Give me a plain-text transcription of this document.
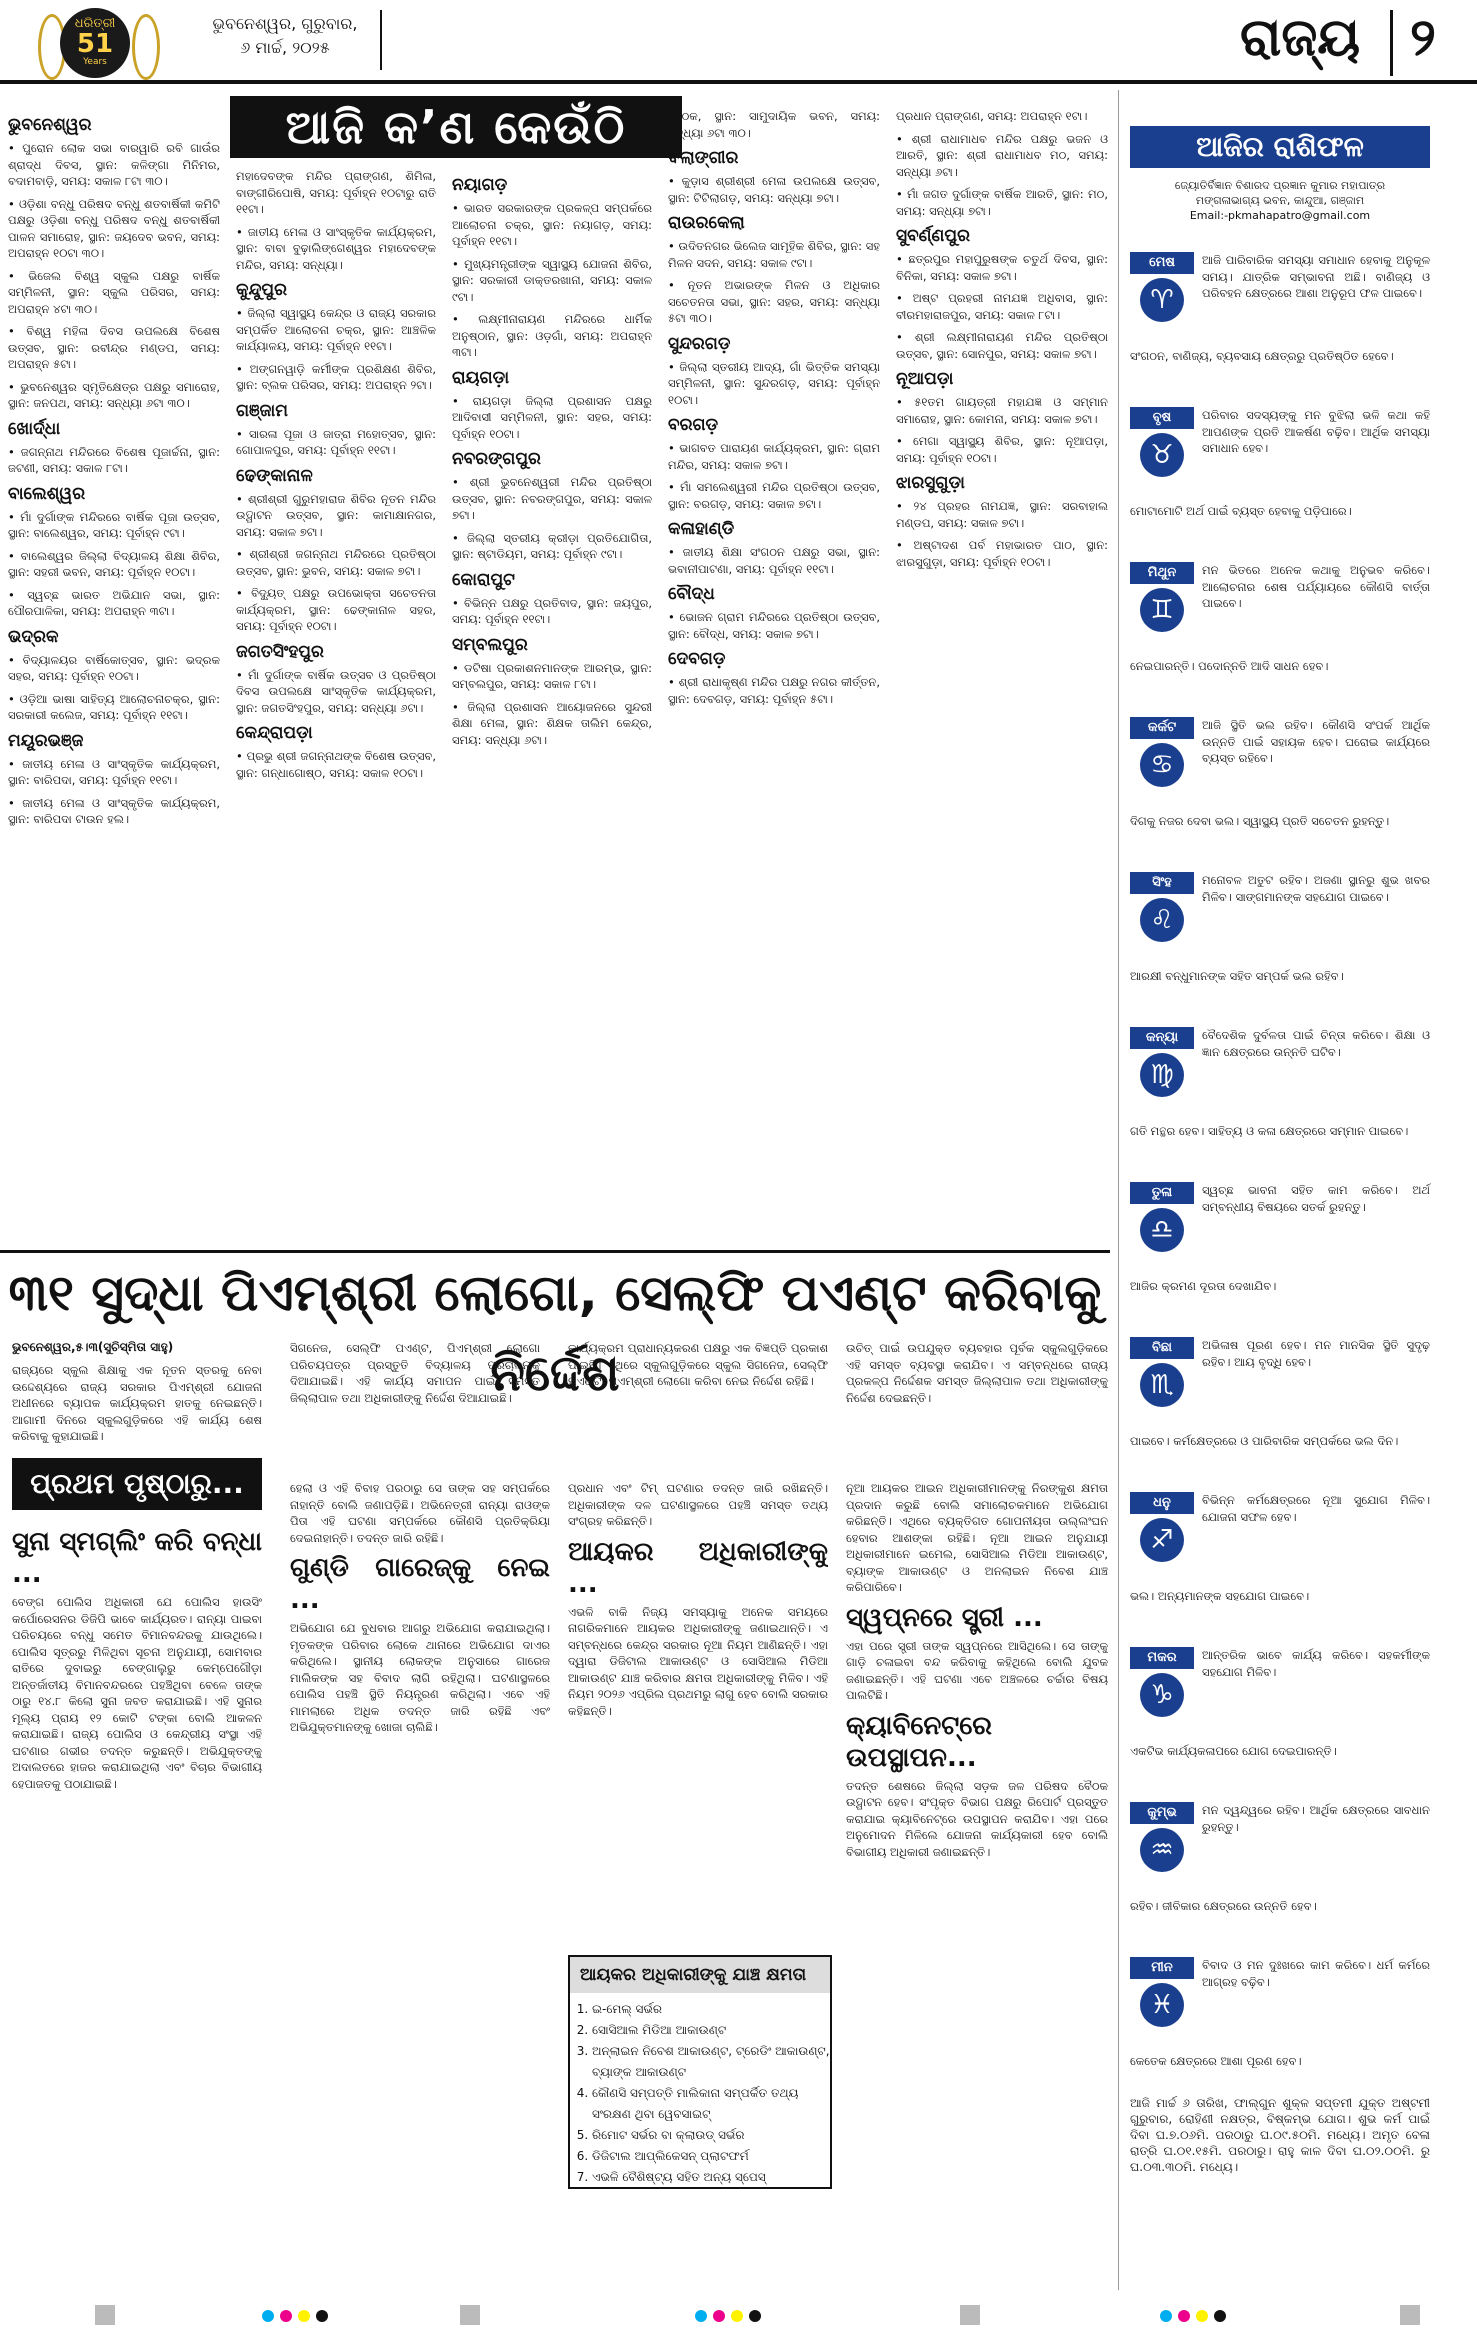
ଧରିତ୍ରୀ
51
Years
ଭୁବନେଶ୍ୱର, ଗୁରୁବାର,
୬ ମାର୍ଚ୍ଚ, ୨୦୨୫	ରାଜ୍ୟ ୨
ଆଜି କ’ଣ କେଉଁଠି
ଭୁବନେଶ୍ୱର

• ପୁରୋନ ଲୋକ ସଭା ବାରୱାରି ରବି ଗାଉଁର ଶ୍ରାଦ୍ଧ ଦିବସ, ସ୍ଥାନ: କଳିଙ୍ଗା ମିନିମର, ବଦାମବାଡ଼ି, ସମୟ: ସକାଳ ୮ଟା ୩୦।

• ଓଡ଼ିଶା ବନ୍ଧୁ ପରିଷଦ ବନ୍ଧୁ ଶତବାର୍ଷିକୀ କମିଟି ପକ୍ଷରୁ ଓଡ଼ିଶା ବନ୍ଧୁ ପରିଷଦ ବନ୍ଧୁ ଶତବାର୍ଷିକୀ ପାଳନ ସମାରୋହ, ସ୍ଥାନ: ଜୟଦେବ ଭବନ, ସମୟ: ଅପରାହ୍ନ ୧୦ଟା ୩୦।

• ଭିଜେଲ ବିଶ୍ୱ ସ୍କୁଲ ପକ୍ଷରୁ ବାର୍ଷିକ ସମ୍ମିଳନୀ, ସ୍ଥାନ: ସ୍କୁଲ ପରିସର, ସମୟ: ଅପରାହ୍ନ ୪ଟା ୩୦।

• ବିଶ୍ୱ ମହିଳା ଦିବସ ଉପଲକ୍ଷେ ବିଶେଷ ଉତ୍ସବ, ସ୍ଥାନ: ରବୀନ୍ଦ୍ର ମଣ୍ଡପ, ସମୟ: ଅପରାହ୍ନ ୫ଟା।

• ଭୁବନେଶ୍ୱର ସ୍ମୃତିକ୍ଷେତ୍ର ପକ୍ଷରୁ ସମାରୋହ, ସ୍ଥାନ: ଜନପଥ, ସମୟ: ସନ୍ଧ୍ୟା ୬ଟା ୩୦।

ଖୋର୍ଦ୍ଧା

• ଜଗନ୍ନାଥ ମନ୍ଦିରରେ ବିଶେଷ ପୂଜାର୍ଚ୍ଚନା, ସ୍ଥାନ: ଜଟଣୀ, ସମୟ: ସକାଳ ୮ଟା।

ବାଲେଶ୍ୱର

• ମାଁ ଦୁର୍ଗାଙ୍କ ମନ୍ଦିରରେ ବାର୍ଷିକ ପୂଜା ଉତ୍ସବ, ସ୍ଥାନ: ବାଲେଶ୍ୱର, ସମୟ: ପୂର୍ବାହ୍ନ ୯ଟା।

• ବାଲେଶ୍ୱର ଜିଲ୍ଲା ବିଦ୍ୟାଳୟ ଶିକ୍ଷା ଶିବିର, ସ୍ଥାନ: ସହରୀ ଭବନ, ସମୟ: ପୂର୍ବାହ୍ନ ୧୦ଟା।

• ସ୍ୱଚ୍ଛ ଭାରତ ଅଭିଯାନ ସଭା, ସ୍ଥାନ: ପୌରପାଳିକା, ସମୟ: ଅପରାହ୍ନ ୩ଟା।

ଭଦ୍ରକ

• ବିଦ୍ୟାଳୟର ବାର୍ଷିକୋତ୍ସବ, ସ୍ଥାନ: ଭଦ୍ରକ ସହର, ସମୟ: ପୂର୍ବାହ୍ନ ୧୦ଟା।

• ଓଡ଼ିଆ ଭାଷା ସାହିତ୍ୟ ଆଲୋଚନାଚକ୍ର, ସ୍ଥାନ: ସରକାରୀ କଲେଜ, ସମୟ: ପୂର୍ବାହ୍ନ ୧୧ଟା।

ମୟୂରଭଞ୍ଜ

• ଜାତୀୟ ମେଳା ଓ ସାଂସ୍କୃତିକ କାର୍ଯ୍ୟକ୍ରମ, ସ୍ଥାନ: ବାରିପଦା, ସମୟ: ପୂର୍ବାହ୍ନ ୧୧ଟା।

• ଜାତୀୟ ମେଳା ଓ ସାଂସ୍କୃତିକ କାର୍ଯ୍ୟକ୍ରମ, ସ୍ଥାନ: ବାରିପଦା ଟାଉନ ହଲ।

ମହାଦେବଙ୍କ ମନ୍ଦିର ପ୍ରାଙ୍ଗଣ, ଶିମିଳା, ବାଙ୍ଗୀରିପୋଷି, ସମୟ: ପୂର୍ବାହ୍ନ ୧୦ଟାରୁ ରାତି ୧୧ଟା।

• ଜାତୀୟ ମେଳା ଓ ସାଂସ୍କୃତିକ କାର୍ଯ୍ୟକ୍ରମ, ସ୍ଥାନ: ବାବା ବୁଢ଼ାଲିଙ୍ଗେଶ୍ୱର ମହାଦେବଙ୍କ ମନ୍ଦିର, ସମୟ: ସନ୍ଧ୍ୟା।

କୁନ୍ଦୁପୁର

• ଜିଲ୍ଲା ସ୍ୱାସ୍ଥ୍ୟ କେନ୍ଦ୍ର ଓ ରାଜ୍ୟ ସରକାର ସମ୍ପର୍କିତ ଆଲୋଚନା ଚକ୍ର, ସ୍ଥାନ: ଆଞ୍ଚଳିକ କାର୍ଯ୍ୟାଳୟ, ସମୟ: ପୂର୍ବାହ୍ନ ୧୧ଟା।

• ଅଙ୍ଗନୱାଡ଼ି କର୍ମୀଙ୍କ ପ୍ରଶିକ୍ଷଣ ଶିବିର, ସ୍ଥାନ: ବ୍ଲକ ପରିସର, ସମୟ: ଅପରାହ୍ନ ୨ଟା।

ଗଞ୍ଜାମ

• ସାରଳା ପୂଜା ଓ ଜାତ୍ରା ମହୋତ୍ସବ, ସ୍ଥାନ: ଗୋପାଳପୁର, ସମୟ: ପୂର୍ବାହ୍ନ ୧୧ଟା।

ଢେଙ୍କାନାଳ

• ଶ୍ରୀଶ୍ରୀ ଗୁରୁମହାରାଜ ଶିବିର ନୂତନ ମନ୍ଦିର ଉଦ୍ଘାଟନ ଉତ୍ସବ, ସ୍ଥାନ: କାମାକ୍ଷାନଗର, ସମୟ: ସକାଳ ୭ଟା।

• ଶ୍ରୀଶ୍ରୀ ଜଗନ୍ନାଥ ମନ୍ଦିରରେ ପ୍ରତିଷ୍ଠା ଉତ୍ସବ, ସ୍ଥାନ: ଭୁବନ, ସମୟ: ସକାଳ ୭ଟା।

• ବିଦ୍ୟୁତ୍ ପକ୍ଷରୁ ଉପଭୋକ୍ତା ସଚେତନତା କାର୍ଯ୍ୟକ୍ରମ, ସ୍ଥାନ: ଢେଙ୍କାନାଳ ସହର, ସମୟ: ପୂର୍ବାହ୍ନ ୧୦ଟା।

ଜଗତସିଂହପୁର

• ମାଁ ଦୁର୍ଗାଙ୍କ ବାର୍ଷିକ ଉତ୍ସବ ଓ ପ୍ରତିଷ୍ଠା ଦିବସ ଉପଲକ୍ଷେ ସାଂସ୍କୃତିକ କାର୍ଯ୍ୟକ୍ରମ, ସ୍ଥାନ: ଜଗତସିଂହପୁର, ସମୟ: ସନ୍ଧ୍ୟା ୬ଟା।

କେନ୍ଦ୍ରାପଡ଼ା

• ପ୍ରଭୁ ଶ୍ରୀ ଜଗନ୍ନାଥଙ୍କ ବିଶେଷ ଉତ୍ସବ, ସ୍ଥାନ: ଗନ୍ଧାଗୋଷ୍ଠ, ସମୟ: ସକାଳ ୧୦ଟା।

ନୟାଗଡ଼

• ଭାରତ ସରକାରଙ୍କ ପ୍ରକଳ୍ପ ସମ୍ପର୍କରେ ଆଲୋଚନା ଚକ୍ର, ସ୍ଥାନ: ନୟାଗଡ଼, ସମୟ: ପୂର୍ବାହ୍ନ ୧୧ଟା।

• ମୁଖ୍ୟମନ୍ତ୍ରୀଙ୍କ ସ୍ୱାସ୍ଥ୍ୟ ଯୋଜନା ଶିବିର, ସ୍ଥାନ: ସରକାରୀ ଡାକ୍ତରଖାନା, ସମୟ: ସକାଳ ୯ଟା।

• ଲକ୍ଷ୍ମୀନାରାୟଣ ମନ୍ଦିରରେ ଧାର୍ମିକ ଅନୁଷ୍ଠାନ, ସ୍ଥାନ: ଓଡ଼ଗାଁ, ସମୟ: ଅପରାହ୍ନ ୩ଟା।

ରାୟଗଡ଼ା

• ରାୟଗଡ଼ା ଜିଲ୍ଲା ପ୍ରଶାସନ ପକ୍ଷରୁ ଆଦିବାସୀ ସମ୍ମିଳନୀ, ସ୍ଥାନ: ସହର, ସମୟ: ପୂର୍ବାହ୍ନ ୧୦ଟା।

ନବରଙ୍ଗପୁର

• ଶ୍ରୀ ଭୁବନେଶ୍ୱରୀ ମନ୍ଦିର ପ୍ରତିଷ୍ଠା ଉତ୍ସବ, ସ୍ଥାନ: ନବରଙ୍ଗପୁର, ସମୟ: ସକାଳ ୭ଟା।

• ଜିଲ୍ଲା ସ୍ତରୀୟ କ୍ରୀଡ଼ା ପ୍ରତିଯୋଗିତା, ସ୍ଥାନ: ଷ୍ଟାଡିୟମ, ସମୟ: ପୂର୍ବାହ୍ନ ୯ଟା।

କୋରାପୁଟ

• ବିଭିନ୍ନ ପକ୍ଷରୁ ପ୍ରତିବାଦ, ସ୍ଥାନ: ଜୟପୁର, ସମୟ: ପୂର୍ବାହ୍ନ ୧୧ଟା।

ସମ୍ବଲପୁର

• ଡଟିଷା ପ୍ରକାଶନମାନଙ୍କ ଆରମ୍ଭ, ସ୍ଥାନ: ସମ୍ବଲପୁର, ସମୟ: ସକାଳ ୮ଟା।

• ଜିଲ୍ଲା ପ୍ରଶାସନ ଆୟୋଜନରେ ସୁନ୍ଦରୀ ଶିକ୍ଷା ମେଳା, ସ୍ଥାନ: ଶିକ୍ଷକ ତାଲିମ କେନ୍ଦ୍ର, ସମୟ: ସନ୍ଧ୍ୟା ୬ଟା।

ବୈଠକ, ସ୍ଥାନ: ସାମୁଦାୟିକ ଭବନ, ସମୟ: ସନ୍ଧ୍ୟା ୬ଟା ୩୦।

ବଲାଙ୍ଗୀର

• କୁଡ଼ାସ ଶ୍ରୀଶ୍ରୀ ମେଳା ଉପଲକ୍ଷେ ଉତ୍ସବ, ସ୍ଥାନ: ଟିଟିଲାଗଡ଼, ସମୟ: ସନ୍ଧ୍ୟା ୭ଟା।

ରାଉରକେଲା

• ଉଦିତନଗର ଭିଲେଜ ସାମୂହିକ ଶିବିର, ସ୍ଥାନ: ସହ ମିଳନ ସଦନ, ସମୟ: ସକାଳ ୯ଟା।

• ନୂତନ ଅଭାରଙ୍କ ମିଳନ ଓ ଅଧିକାର ସଚେତନତା ସଭା, ସ୍ଥାନ: ସହର, ସମୟ: ସନ୍ଧ୍ୟା ୫ଟା ୩୦।

ସୁନ୍ଦରଗଡ଼

• ଜିଲ୍ଲା ସ୍ତରୀୟ ଆଦ୍ୟ, ଗାଁ ଭିତ୍ତିକ ସମସ୍ୟା ସମ୍ମିଳନୀ, ସ୍ଥାନ: ସୁନ୍ଦରଗଡ଼, ସମୟ: ପୂର୍ବାହ୍ନ ୧୦ଟା।

ବରଗଡ଼

• ଭାଗବତ ପାରାୟଣ କାର୍ଯ୍ୟକ୍ରମ, ସ୍ଥାନ: ଗ୍ରାମ ମନ୍ଦିର, ସମୟ: ସକାଳ ୭ଟା।

• ମାଁ ସମଲେଶ୍ୱରୀ ମନ୍ଦିର ପ୍ରତିଷ୍ଠା ଉତ୍ସବ, ସ୍ଥାନ: ବରଗଡ଼, ସମୟ: ସକାଳ ୭ଟା।

କଳାହାଣ୍ଡି

• ଜାତୀୟ ଶିକ୍ଷା ସଂଗଠନ ପକ୍ଷରୁ ସଭା, ସ୍ଥାନ: ଭବାନୀପାଟଣା, ସମୟ: ପୂର୍ବାହ୍ନ ୧୧ଟା।

ବୌଦ୍ଧ

• ଭୋଜନ ଗ୍ରାମ ମନ୍ଦିରରେ ପ୍ରତିଷ୍ଠା ଉତ୍ସବ, ସ୍ଥାନ: ବୌଦ୍ଧ, ସମୟ: ସକାଳ ୭ଟା।

ଦେବଗଡ଼

• ଶ୍ରୀ ରାଧାକୃଷ୍ଣ ମନ୍ଦିର ପକ୍ଷରୁ ନଗର କୀର୍ତ୍ତନ, ସ୍ଥାନ: ଦେବଗଡ଼, ସମୟ: ପୂର୍ବାହ୍ନ ୫ଟା।

ପ୍ରଧାନ ପ୍ରାଙ୍ଗଣ, ସମୟ: ଅପରାହ୍ନ ୧ଟା।

• ଶ୍ରୀ ରାଧାମାଧବ ମନ୍ଦିର ପକ୍ଷରୁ ଭଜନ ଓ ଆରତି, ସ୍ଥାନ: ଶ୍ରୀ ରାଧାମାଧବ ମଠ, ସମୟ: ସନ୍ଧ୍ୟା ୬ଟା।

• ମାଁ ଜଗତ ଦୁର୍ଗାଙ୍କ ବାର୍ଷିକ ଆରତି, ସ୍ଥାନ: ମଠ, ସମୟ: ସନ୍ଧ୍ୟା ୭ଟା।

ସୁବର୍ଣ୍ଣପୁର

• ଛତ୍ରପୁର ମହାପୁରୁଷଙ୍କ ଚତୁର୍ଥ ଦିବସ, ସ୍ଥାନ: ବିନିକା, ସମୟ: ସକାଳ ୭ଟା।

• ଅଷ୍ଟ ପ୍ରହରୀ ନାମଯଜ୍ଞ ଅଧିବାସ, ସ୍ଥାନ: ବୀରମହାରାଜପୁର, ସମୟ: ସକାଳ ୮ଟା।

• ଶ୍ରୀ ଲକ୍ଷ୍ମୀନାରାୟଣ ମନ୍ଦିର ପ୍ରତିଷ୍ଠା ଉତ୍ସବ, ସ୍ଥାନ: ସୋନପୁର, ସମୟ: ସକାଳ ୭ଟା।

ନୂଆପଡ଼ା

• ୫୧ତମ ଗାୟତ୍ରୀ ମହାଯଜ୍ଞ ଓ ସମ୍ମାନ ସମାରୋହ, ସ୍ଥାନ: କୋମନା, ସମୟ: ସକାଳ ୭ଟା।

• ମେଗା ସ୍ୱାସ୍ଥ୍ୟ ଶିବିର, ସ୍ଥାନ: ନୂଆପଡ଼ା, ସମୟ: ପୂର୍ବାହ୍ନ ୧୦ଟା।

ଝାରସୁଗୁଡ଼ା

• ୨୪ ପ୍ରହର ନାମଯଜ୍ଞ, ସ୍ଥାନ: ସରବାହାଲ ମଣ୍ଡପ, ସମୟ: ସକାଳ ୭ଟା।

• ଅଷ୍ଟାଦଶ ପର୍ବ ମହାଭାରତ ପାଠ, ସ୍ଥାନ: ଝାରସୁଗୁଡ଼ା, ସମୟ: ପୂର୍ବାହ୍ନ ୧୦ଟା।

ଆଜିର ରାଶିଫଳ
ଜ୍ୟୋତିର୍ବିଜ୍ଞାନ ବିଶାରଦ ପ୍ରଜ୍ଞାନ କୁମାର ମହାପାତ୍ର
ମଙ୍ଗଳାଭାଗ୍ୟ ଭବନ, କାନ୍ଦୁଆ, ଗଞ୍ଜାମ
Email:-pkmahapatro@gmail.com
ମେଷ
♈
ଆଜି ପାରିବାରିକ ସମସ୍ୟା ସମାଧାନ ହେବାକୁ ଅନୁକୂଳ ସମୟ। ଯାତ୍ରିକ ସମ୍ଭାବନା ଅଛି। ବାଣିଜ୍ୟ ଓ ପରିବହନ କ୍ଷେତ୍ରରେ ଆଶା ଅନୁରୂପ ଫଳ ପାଇବେ।
ସଂଗଠନ, ବାଣିଜ୍ୟ, ବ୍ୟବସାୟ କ୍ଷେତ୍ରରୁ ପ୍ରତିଷ୍ଠିତ ହେବେ।
ବୃଷ
♉
ପରିବାର ସଦସ୍ୟଙ୍କୁ ମନ ବୁଝିଲା ଭଳି କଥା କହି ଆପଣଙ୍କ ପ୍ରତି ଆକର୍ଷଣ ବଢ଼ିବ। ଆର୍ଥିକ ସମସ୍ୟା ସମାଧାନ ହେବ।
ମୋଟାମୋଟି ଅର୍ଥ ପାଇଁ ବ୍ୟସ୍ତ ହେବାକୁ ପଡ଼ିପାରେ।
ମିଥୁନ
♊
ମନ ଭିତରେ ଅନେକ କଥାକୁ ଅନୁଭବ କରିବେ। ଆଲୋଚନାର ଶେଷ ପର୍ଯ୍ୟାୟରେ କୌଣସି ବାର୍ତ୍ତା ପାଇବେ।
ନେଇପାରନ୍ତି। ପଦୋନ୍ନତି ଆଦି ସାଧନ ହେବ।
କର୍କଟ
♋
ଆଜି ସ୍ଥିତି ଭଲ ରହିବ। କୌଣସି ସଂପର୍କ ଆର୍ଥିକ ଉନ୍ନତି ପାଇଁ ସହାୟକ ହେବ। ଘରୋଇ କାର୍ଯ୍ୟରେ ବ୍ୟସ୍ତ ରହିବେ।
ଦିଗକୁ ନଜର ଦେବା ଭଲ। ସ୍ୱାସ୍ଥ୍ୟ ପ୍ରତି ସଚେତନ ରୁହନ୍ତୁ।
ସିଂହ
♌
ମନୋବଳ ଅତୁଟ ରହିବ। ଅଜଣା ସ୍ଥାନରୁ ଶୁଭ ଖବର ମିଳିବ। ସାଙ୍ଗମାନଙ୍କ ସହଯୋଗ ପାଇବେ।
ଆରକ୍ଷୀ ବନ୍ଧୁମାନଙ୍କ ସହିତ ସମ୍ପର୍କ ଭଲ ରହିବ।
କନ୍ୟା
♍
ବୈଦେଶିକ ଦୁର୍ବଳତା ପାଇଁ ଚିନ୍ତା କରିବେ। ଶିକ୍ଷା ଓ ଜ୍ଞାନ କ୍ଷେତ୍ରରେ ଉନ୍ନତି ଘଟିବ।
ଗତି ମନ୍ଥର ହେବ। ସାହିତ୍ୟ ଓ କଳା କ୍ଷେତ୍ରରେ ସମ୍ମାନ ପାଇବେ।
ତୁଳା
♎
ସ୍ୱଚ୍ଛ ଭାବନା ସହିତ କାମ କରିବେ। ଅର୍ଥ ସମ୍ବନ୍ଧୀୟ ବିଷୟରେ ସତର୍କ ରୁହନ୍ତୁ।
ଆଜିର କ୍ରମଣ ଦୂରତା ଦେଖାଯିବ।
ବିଛା
♏
ଅଭିଳାଷ ପୂରଣ ହେବ। ମନ ମାନସିକ ସ୍ଥିତି ସୁଦୃଢ଼ ରହିବ। ଆୟ ବୃଦ୍ଧି ହେବ।
ପାଇବେ। କର୍ମକ୍ଷେତ୍ରରେ ଓ ପାରିବାରିକ ସମ୍ପର୍କରେ ଭଲ ଦିନ।
ଧନୁ
♐
ବିଭିନ୍ନ କର୍ମକ୍ଷେତ୍ରରେ ନୂଆ ସୁଯୋଗ ମିଳିବ। ଯୋଜନା ସଫଳ ହେବ।
ଭଲ। ଅନ୍ୟମାନଙ୍କ ସହଯୋଗ ପାଇବେ।
ମକର
♑
ଆନ୍ତରିକ ଭାବେ କାର୍ଯ୍ୟ କରିବେ। ସହକର୍ମୀଙ୍କ ସହଯୋଗ ମିଳିବ।
ଏକଟିଭ କାର୍ଯ୍ୟକଳାପରେ ଯୋଗ ଦେଇପାରନ୍ତି।
କୁମ୍ଭ
♒
ମନ ଦ୍ୱନ୍ଦ୍ୱରେ ରହିବ। ଆର୍ଥିକ କ୍ଷେତ୍ରରେ ସାବଧାନ ରୁହନ୍ତୁ।
ରହିବ। ଜୀବିକାର କ୍ଷେତ୍ରରେ ଉନ୍ନତି ହେବ।
ମୀନ
♓
ବିବାଦ ଓ ମନ ଦୁଃଖରେ କାମ କରିବେ। ଧର୍ମ କର୍ମରେ ଆଗ୍ରହ ବଢ଼ିବ।
କେତେକ କ୍ଷେତ୍ରରେ ଆଶା ପୂରଣ ହେବ।
୩୧ ସୁଦ୍ଧା ପିଏମ୍‌ଶ୍ରୀ ଲୋଗୋ, ସେଲ୍‌ଫି ପଏଣ୍ଟ କରିବାକୁ ନିର୍ଦ୍ଦେଶ
ଭୁବନେଶ୍ୱର,୫।୩(ସୁଚିସ୍ମିତା ସାହୁ)

ରାଜ୍ୟରେ ସ୍କୁଲ ଶିକ୍ଷାକୁ ଏକ ନୂତନ ସ୍ତରକୁ ନେବା ଉଦ୍ଦେଶ୍ୟରେ ରାଜ୍ୟ ସରକାର ପିଏମ୍‌ଶ୍ରୀ ଯୋଜନା ଅଧୀନରେ ବ୍ୟାପକ କାର୍ଯ୍ୟକ୍ରମ ହାତକୁ ନେଇଛନ୍ତି। ଆଗାମୀ ଦିନରେ ସ୍କୁଲଗୁଡ଼ିକରେ ଏହି କାର୍ଯ୍ୟ ଶେଷ କରିବାକୁ କୁହାଯାଇଛି।

ସିଗନେଜ, ସେଲ୍‌ଫି ପଏଣ୍ଟ, ପିଏମ୍‌ଶ୍ରୀ ଲୋଗୋ ପରିଚୟପତ୍ର ପ୍ରସ୍ତୁତି ବିଦ୍ୟାଳୟ ପରିଚାଳନାକୁ ଦିଆଯାଇଛି। ଏହି କାର୍ଯ୍ୟ ସମାପନ ପାଇଁ ସମସ୍ତ ଜିଲ୍ଲାପାଳ ତଥା ଅଧିକାରୀଙ୍କୁ ନିର୍ଦ୍ଦେଶ ଦିଆଯାଇଛି।

କାର୍ଯ୍ୟକ୍ରମ ପ୍ରାଧାନ୍ୟକରଣ ପକ୍ଷରୁ ଏକ ବିଜ୍ଞପ୍ତି ପ୍ରକାଶ ପାଇଛି। ଏଥିରେ ସ୍କୁଲଗୁଡ଼ିକରେ ସ୍କୁଲ ସିଗନେଜ, ସେଲ୍‌ଫି ପଏଣ୍ଟ, ପିଏମ୍‌ଶ୍ରୀ ଲୋଗୋ କରିବା ନେଇ ନିର୍ଦ୍ଦେଶ ରହିଛି।

ଉଚିତ୍ ପାଇଁ ଉପଯୁକ୍ତ ବ୍ୟବହାର ପୂର୍ବକ ସ୍କୁଲଗୁଡ଼ିକରେ ଏହି ସମସ୍ତ ବ୍ୟବସ୍ଥା କରାଯିବ। ଏ ସମ୍ବନ୍ଧରେ ରାଜ୍ୟ ପ୍ରକଳ୍ପ ନିର୍ଦ୍ଦେଶକ ସମସ୍ତ ଜିଲ୍ଲାପାଳ ତଥା ଅଧିକାରୀଙ୍କୁ ନିର୍ଦ୍ଦେଶ ଦେଇଛନ୍ତି।

ପ୍ରଥମ ପୃଷ୍ଠାରୁ...
ସୁନା ସ୍ମଗ୍‌ଲିଂ କରି ବନ୍ଧା ...

ବେଙ୍ଗ ପୋଲିସ ଅଧିକାରୀ ଯେ ପୋଲିସ ହାଉସିଂ କର୍ପୋରେସନର ଡିଜିପି ଭାବେ କାର୍ଯ୍ୟରତ। ରାନ୍ୟା ପାଇବା ପରିଚୟରେ ବନ୍ଧୁ ସମେତ ବିମାନବନ୍ଦରକୁ ଯାଉଥିଲେ। ପୋଲିସ ସୂତ୍ରରୁ ମିଳିଥିବା ସୂଚନା ଅନୁଯାୟୀ, ସୋମବାର ରାତିରେ ଦୁବାଇରୁ ବେଙ୍ଗାଲୁରୁ କେମ୍ପେଗୌଡ଼ା ଅନ୍ତର୍ଜାତୀୟ ବିମାନବନ୍ଦରରେ ପହଞ୍ଚିଥିବା ବେଳେ ତାଙ୍କ ଠାରୁ ୧୪.୮ କିଲୋ ସୁନା ଜବତ କରାଯାଇଛି। ଏହି ସୁନାର ମୂଲ୍ୟ ପ୍ରାୟ ୧୨ କୋଟି ଟଙ୍କା ବୋଲି ଆକଳନ କରାଯାଇଛି। ରାଜ୍ୟ ପୋଲିସ ଓ କେନ୍ଦ୍ରୀୟ ସଂସ୍ଥା ଏହି ଘଟଣାର ଗଭୀର ତଦନ୍ତ କରୁଛନ୍ତି। ଅଭିଯୁକ୍ତଙ୍କୁ ଅଦାଲତରେ ହାଜର କରାଯାଇଥିଲା ଏବଂ ବିଚାର ବିଭାଗୀୟ ହେପାଜତକୁ ପଠାଯାଇଛି।

ହେଲା ଓ ଏହି ବିବାହ ପରଠାରୁ ସେ ତାଙ୍କ ସହ ସମ୍ପର୍କରେ ନାହାନ୍ତି ବୋଲି ଜଣାପଡ଼ିଛି। ଅଭିନେତ୍ରୀ ରାନ୍ୟା ରାଓଙ୍କ ପିତା ଏହି ଘଟଣା ସମ୍ପର୍କରେ କୌଣସି ପ୍ରତିକ୍ରିୟା ଦେଇନାହାନ୍ତି। ତଦନ୍ତ ଜାରି ରହିଛି।

ଗୁଣ୍ଡି ଗାରେଜ୍‌କୁ ନେଇ ...

ଅଭିଯୋଗ ଯେ ବୁଧବାର ଆଗରୁ ଅଭିଯୋଗ କରାଯାଇଥିଲା। ମୃତକଙ୍କ ପରିବାର ଲୋକେ ଥାନାରେ ଅଭିଯୋଗ ଦାଏର କରିଥିଲେ। ସ୍ଥାନୀୟ ଲୋକଙ୍କ ଅନୁସାରେ ଗାରେଜ ମାଲିକଙ୍କ ସହ ବିବାଦ ଲାଗି ରହିଥିଲା। ଘଟଣାସ୍ଥଳରେ ପୋଲିସ ପହଞ୍ଚି ସ୍ଥିତି ନିୟନ୍ତ୍ରଣ କରିଥିଲା। ଏବେ ଏହି ମାମଲାରେ ଅଧିକ ତଦନ୍ତ ଜାରି ରହିଛି ଏବଂ ଅଭିଯୁକ୍ତମାନଙ୍କୁ ଖୋଜା ଚାଲିଛି।

ପ୍ରଧାନ ଏବଂ ଟିମ୍ ଘଟଣାର ତଦନ୍ତ ଜାରି ରଖିଛନ୍ତି। ଅଧିକାରୀଙ୍କ ଦଳ ଘଟଣାସ୍ଥଳରେ ପହଞ୍ଚି ସମସ୍ତ ତଥ୍ୟ ସଂଗ୍ରହ କରିଛନ୍ତି।

ଆୟକର ଅଧିକାରୀଙ୍କୁ ...

ଏଭଳି ବାକି ନିଜ୍ୟ ସମସ୍ୟାକୁ ଅନେକ ସମୟରେ ନାଗରିକମାନେ ଆୟକର ଅଧିକାରୀଙ୍କୁ ଜଣାଇଥାନ୍ତି। ଏ ସମ୍ବନ୍ଧରେ କେନ୍ଦ୍ର ସରକାର ନୂଆ ନିୟମ ଆଣିଛନ୍ତି। ଏହା ଦ୍ୱାରା ଡିଜିଟାଲ ଆକାଉଣ୍ଟ ଓ ସୋସିଆଲ ମିଡିଆ ଆକାଉଣ୍ଟ ଯାଞ୍ଚ କରିବାର କ୍ଷମତା ଅଧିକାରୀଙ୍କୁ ମିଳିବ। ଏହି ନିୟମ ୨୦୨୬ ଏପ୍ରିଲ ପ୍ରଥମରୁ ଲାଗୁ ହେବ ବୋଲି ସରକାର କହିଛନ୍ତି।

ଆୟକର ଅଧିକାରୀଙ୍କୁ ଯାଞ୍ଚ କ୍ଷମତା
1. ଇ-ମେଲ୍ ସର୍ଭର
2. ସୋସିଆଲ ମିଡିଆ ଆକାଉଣ୍ଟ
3. ଅନ୍‌ଲାଇନ ନିବେଶ ଆକାଉଣ୍ଟ, ଟ୍ରେଡିଂ ଆକାଉଣ୍ଟ, ବ୍ୟାଙ୍କ ଆକାଉଣ୍ଟ
4. କୌଣସି ସମ୍ପତ୍ତି ମାଲିକାନା ସମ୍ପର୍କିତ ତଥ୍ୟ ସଂରକ୍ଷଣ ଥିବା ୱେବସାଇଟ୍
5. ରିମୋଟ ସର୍ଭର ବା କ୍ଲାଉଡ୍ ସର୍ଭର
6. ଡିଜିଟାଲ ଆପ୍ଲିକେସନ୍ ପ୍ଲାଟଫର୍ମ
7. ଏଭଳି ବୈଶିଷ୍ଟ୍ୟ ସହିତ ଅନ୍ୟ ସ୍ପେସ୍

ନୂଆ ଆୟକର ଆଇନ ଅଧିକାରୀମାନଙ୍କୁ ନିରଙ୍କୁଶ କ୍ଷମତା ପ୍ରଦାନ କରୁଛି ବୋଲି ସମାଲୋଚକମାନେ ଅଭିଯୋଗ କରିଛନ୍ତି। ଏଥିରେ ବ୍ୟକ୍ତିଗତ ଗୋପନୀୟତା ଉଲ୍ଲଂଘନ ହେବାର ଆଶଙ୍କା ରହିଛି। ନୂଆ ଆଇନ ଅନୁଯାୟୀ ଅଧିକାରୀମାନେ ଇମେଲ, ସୋସିଆଲ ମିଡିଆ ଆକାଉଣ୍ଟ, ବ୍ୟାଙ୍କ ଆକାଉଣ୍ଟ ଓ ଅନଲାଇନ ନିବେଶ ଯାଞ୍ଚ କରିପାରିବେ।

ସ୍ୱପ୍ନରେ ସ୍ତ୍ରୀ ...

ଏହା ପରେ ସ୍ତ୍ରୀ ତାଙ୍କ ସ୍ୱପ୍ନରେ ଆସିଥିଲେ। ସେ ତାଙ୍କୁ ଗାଡ଼ି ଚଳାଇବା ବନ୍ଦ କରିବାକୁ କହିଥିଲେ ବୋଲି ଯୁବକ ଜଣାଇଛନ୍ତି। ଏହି ଘଟଣା ଏବେ ଅଞ୍ଚଳରେ ଚର୍ଚ୍ଚାର ବିଷୟ ପାଲଟିଛି।

କ୍ୟାବିନେଟ୍‌ରେ ଉପସ୍ଥାପନ...

ତଦନ୍ତ ଶେଷରେ ଜିଲ୍ଲା ସଡ଼କ ଜଳ ପରିଷଦ ବୈଠକ ଉଦ୍ଘାଟନ ହେବ। ସଂପୃକ୍ତ ବିଭାଗ ପକ୍ଷରୁ ରିପୋର୍ଟ ପ୍ରସ୍ତୁତ କରାଯାଇ କ୍ୟାବିନେଟ୍‌ରେ ଉପସ୍ଥାପନ କରାଯିବ। ଏହା ପରେ ଅନୁମୋଦନ ମିଳିଲେ ଯୋଜନା କାର୍ଯ୍ୟକାରୀ ହେବ ବୋଲି ବିଭାଗୀୟ ଅଧିକାରୀ ଜଣାଇଛନ୍ତି।

ଆଜି ମାର୍ଚ୍ଚ ୬ ତାରିଖ, ଫାଲ୍‌ଗୁନ ଶୁକ୍ଳ ସପ୍ତମୀ ଯୁକ୍ତ ଅଷ୍ଟମୀ ଗୁରୁବାର, ରୋହିଣୀ ନକ୍ଷତ୍ର, ବିଷ୍କମ୍ଭ ଯୋଗ। ଶୁଭ କର୍ମ ପାଇଁ ଦିବା ଘ.୭.୦୬ମି. ପରଠାରୁ ଘ.୦୯.୫୦ମି. ମଧ୍ୟେ। ଅମୃତ ବେଳା ରାତ୍ରି ଘ.୦୧.୧୫ମି. ପରଠାରୁ। ରାହୁ କାଳ ଦିବା ଘ.୦୨.୦୦ମି. ରୁ ଘ.୦୩.୩୦ମି. ମଧ୍ୟେ।
